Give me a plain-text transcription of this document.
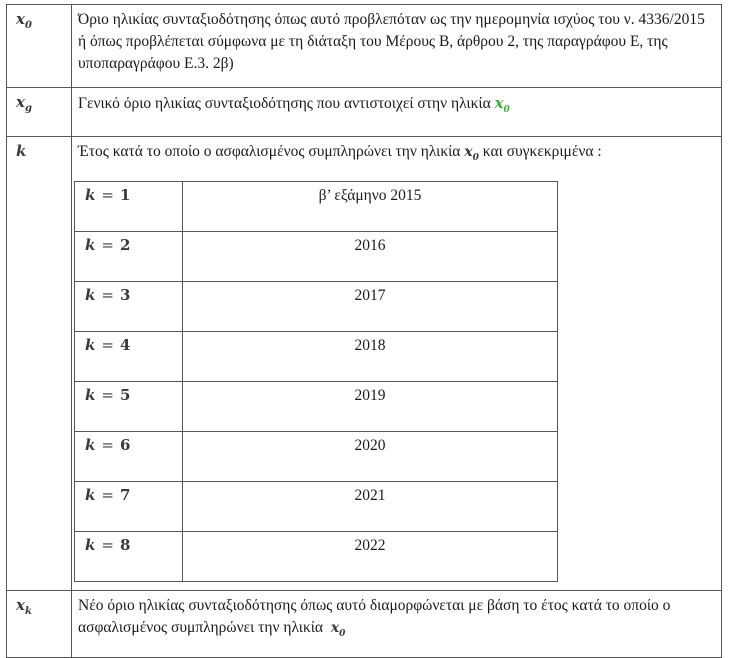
$x_0$	Όριο ηλικίας συνταξιοδότησης όπως αυτό προβλεπόταν ως την ημερομηνία ισχύος του ν. 4336/2015 ή όπως προβλέπεται σύμφωνα με τη διάταξη του Μέρους Β, άρθρου 2, της παραγράφου Ε, της υποπαραγράφου Ε.3. 2β)

$x_g$	Γενικό όριο ηλικίας συνταξιοδότησης που αντιστοιχεί στην ηλικία $x_0$

k	Έτος κατά το οποίο ο ασφαλισμένος συμπληρώνει την ηλικία $x_0$ και συγκεκριμένα :

k = 1	β’ εξάμηνο 2015
k = 2	2016
k = 3	2017
k = 4	2018
k = 5	2019
k = 6	2020
k = 7	2021
k = 8	2022

$x_k$	Νέο όριο ηλικίας συνταξιοδότησης όπως αυτό διαμορφώνεται με βάση το έτος κατά το οποίο ο ασφαλισμένος συμπληρώνει την ηλικία $x_0$
